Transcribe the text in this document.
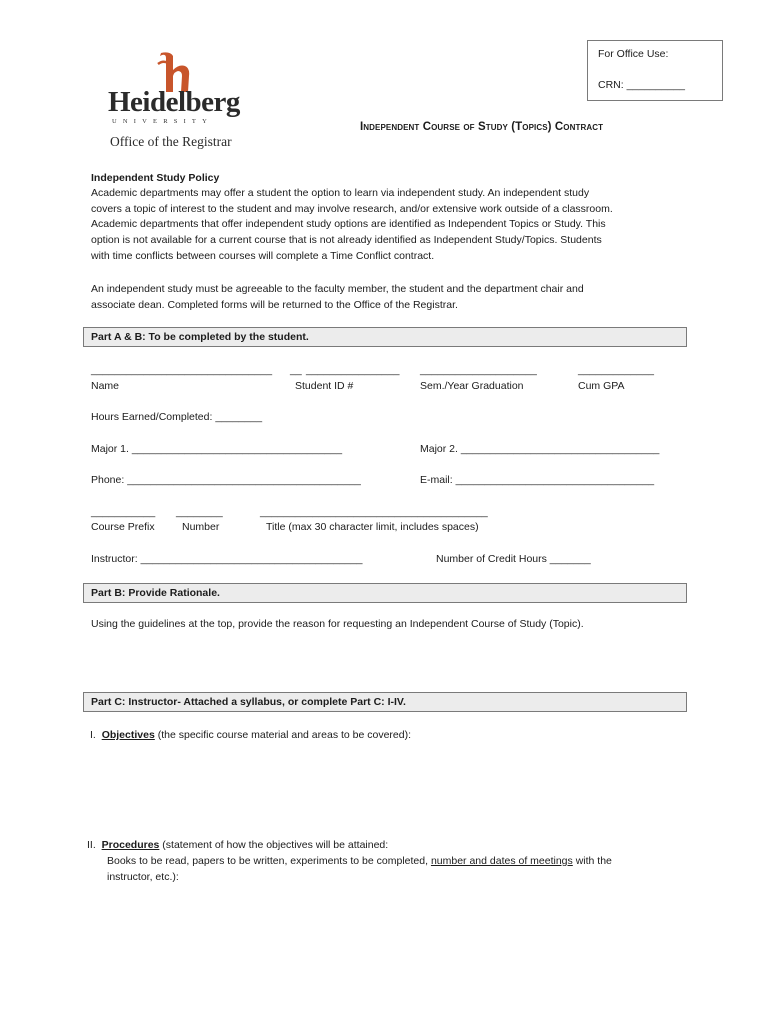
For Office Use:
CRN: __________
Heidelberg
UNIVERSITY
Office of the Registrar
Independent Course of Study (Topics) Contract
Independent Study Policy
Academic departments may offer a student the option to learn via independent study. An independent study
covers a topic of interest to the student and may involve research, and/or extensive work outside of a classroom.
Academic departments that offer independent study options are identified as Independent Topics or Study. This
option is not available for a current course that is not already identified as Independent Study/Topics. Students
with time conflicts between courses will complete a Time Conflict contract.
An independent study must be agreeable to the faculty member, the student and the department chair and
associate dean. Completed forms will be returned to the Office of the Registrar.
Part A & B: To be completed by the student.
_______________________________ __ ________________ ____________________	_____________
Name	Student ID #	Sem./Year Graduation	Cum GPA
Hours Earned/Completed: ________
Major 1. ____________________________________	Major 2. __________________________________
Phone: ________________________________________	E-mail: __________________________________
___________ ________	_______________________________________
Course Prefix	Number	Title (max 30 character limit, includes spaces)
Instructor: ______________________________________	Number of Credit Hours _______
Part B: Provide Rationale.
Using the guidelines at the top, provide the reason for requesting an Independent Course of Study (Topic).
Part C: Instructor- Attached a syllabus, or complete Part C: I-IV.
I. Objectives (the specific course material and areas to be covered):
II. Procedures (statement of how the objectives will be attained:
Books to be read, papers to be written, experiments to be completed, number and dates of meetings with the
instructor, etc.):
